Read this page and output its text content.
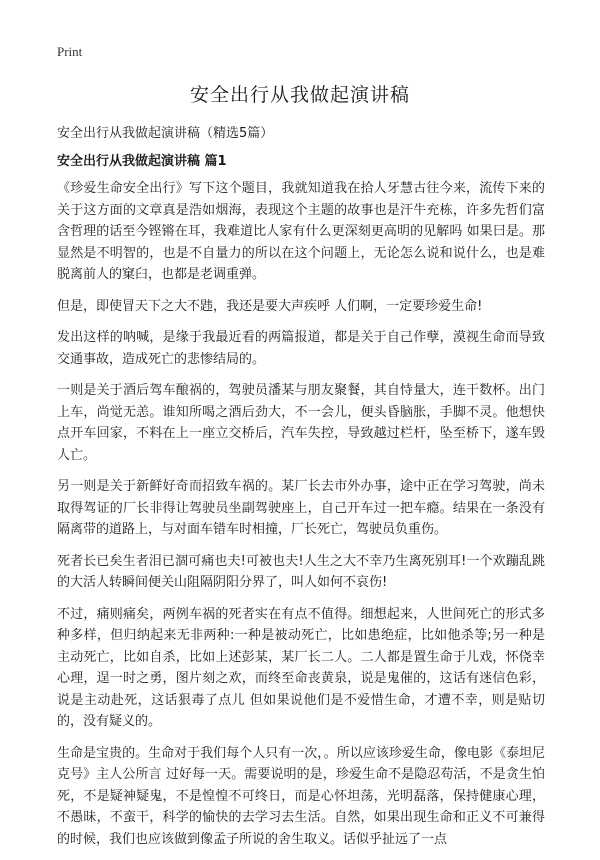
Print
安全出行从我做起演讲稿

安全出行从我做起演讲稿（精选5篇）

安全出行从我做起演讲稿 篇1

《珍爱生命安全出行》写下这个题目，我就知道我在拾人牙慧古往今来，流传下来的关于这方面的文章真是浩如烟海，表现这个主题的故事也是汗牛充栋，许多先哲们富含哲理的话至今铿锵在耳，我难道比人家有什么更深刻更高明的见解吗 如果曰是。那显然是不明智的，也是不自量力的所以在这个问题上，无论怎么说和说什么，也是难脱离前人的窠臼，也都是老调重弹。

但是，即使冒天下之大不韪，我还是要大声疾呼 人们啊，一定要珍爱生命!

发出这样的呐喊，是缘于我最近看的两篇报道，都是关于自己作孽，漠视生命而导致交通事故，造成死亡的悲惨结局的。

一则是关于酒后驾车酿祸的，驾驶员潘某与朋友聚餐，其自恃量大，连干数杯。出门上车，尚觉无恙。谁知所喝之酒后劲大，不一会儿，便头昏脑胀，手脚不灵。他想快点开车回家，不料在上一座立交桥后，汽车失控，导致越过栏杆，坠至桥下，遂车毁人亡。

另一则是关于新鲜好奇而招致车祸的。某厂长去市外办事，途中正在学习驾驶，尚未取得驾证的厂长非得让驾驶员坐副驾驶座上，自己开车过一把车瘾。结果在一条没有隔离带的道路上，与对面车错车时相撞，厂长死亡，驾驶员负重伤。

死者长已矣生者泪已涸可痛也夫!可被也夫!人生之大不幸乃生离死别耳!一个欢蹦乱跳的大活人转瞬间便关山阻隔阴阳分界了，叫人如何不哀伤!

不过，痛则痛矣，两例车祸的死者实在有点不值得。细想起来，人世间死亡的形式多种多样，但归纳起来无非两种:一种是被动死亡，比如患绝症，比如他杀等;另一种是主动死亡，比如自杀，比如上述彭某，某厂长二人。二人都是置生命于儿戏，怀侥幸心理，逞一时之勇，图片刻之欢，而终至命丧黄泉，说是鬼催的，这话有迷信色彩，说是主动赴死，这话狠毒了点儿 但如果说他们是不爱惜生命，才遭不幸，则是贴切的，没有疑义的。

生命是宝贵的。生命对于我们每个人只有一次，。所以应该珍爱生命，像电影《泰坦尼克号》主人公所言 过好每一天。需要说明的是，珍爱生命不是隐忍苟活，不是贪生怕死，不是疑神疑鬼，不是惶惶不可终日，而是心怀坦荡，光明磊落，保持健康心理，不愚昧，不蛮干，科学的愉快的去学习去生活。自然，如果出现生命和正义不可兼得的时候，我们也应该做到像孟子所说的舍生取义。话似乎扯远了一点
